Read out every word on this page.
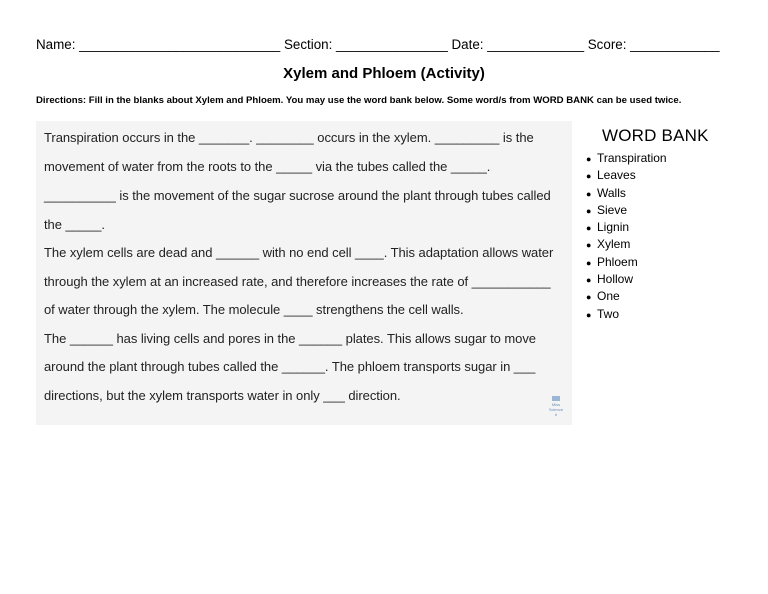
Name: ___________________________ Section: _______________ Date: _____________ Score: ____________
Xylem and Phloem (Activity)
Directions: Fill in the blanks about Xylem and Phloem. You may use the word bank below. Some word/s from WORD BANK can be used twice.
Transpiration occurs in the _______. ________ occurs in the xylem. _________ is the
movement of water from the roots to the _____ via the tubes called the _____.
__________ is the movement of the sugar sucrose around the plant through tubes called
the _____.
The xylem cells are dead and ______ with no end cell ____. This adaptation allows water
through the xylem at an increased rate, and therefore increases the rate of ___________
of water through the xylem. The molecule ____ strengthens the cell walls.
The ______ has living cells and pores in the ______ plates. This allows sugar to move
around the plant through tubes called the ______. The phloem transports sugar in ___
directions, but the xylem transports water in only ___ direction.
Miss
Science
ti
WORD BANK
● Transpiration
● Leaves
● Walls
● Sieve
● Lignin
● Xylem
● Phloem
● Hollow
● One
● Two
